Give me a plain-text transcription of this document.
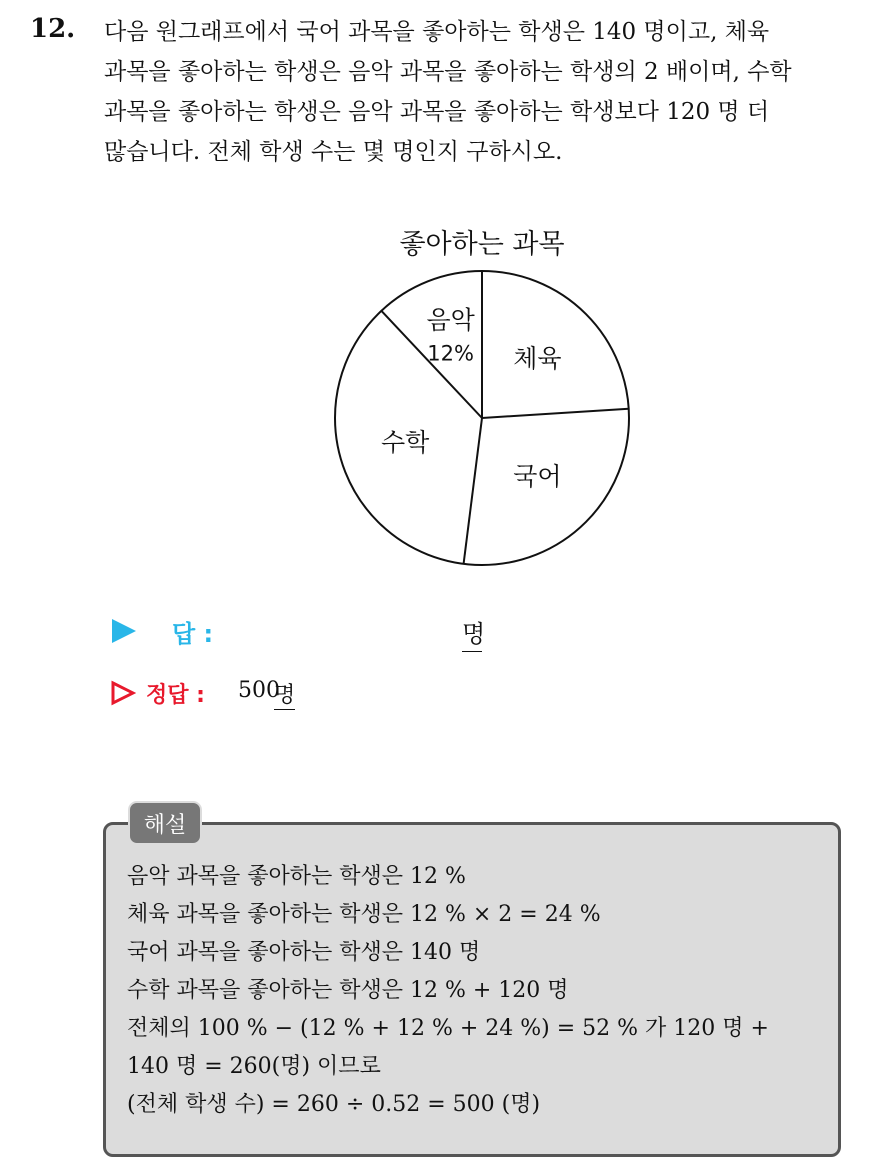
12. 다음 원그래프에서 국어 과목을 좋아하는 학생은 140 명이고, 체육
과목을 좋아하는 학생은 음악 과목을 좋아하는 학생의 2 배이며, 수학
과목을 좋아하는 학생은 음악 과목을 좋아하는 학생보다 120 명 더
많습니다. 전체 학생 수는 몇 명인지 구하시오.
좋아하는 과목
음악
12% 체육
국어
수학
답 :	명
정답 : 500
명
해설
음악 과목을 좋아하는 학생은 12 %
체육 과목을 좋아하는 학생은 12 % × 2 = 24 %
국어 과목을 좋아하는 학생은 140 명
수학 과목을 좋아하는 학생은 12 % + 120 명
전체의 100 % − (12 % + 12 % + 24 %) = 52 % 가 120 명 +
140 명 = 260(명) 이므로
(전체 학생 수) = 260 ÷ 0.52 = 500 (명)
